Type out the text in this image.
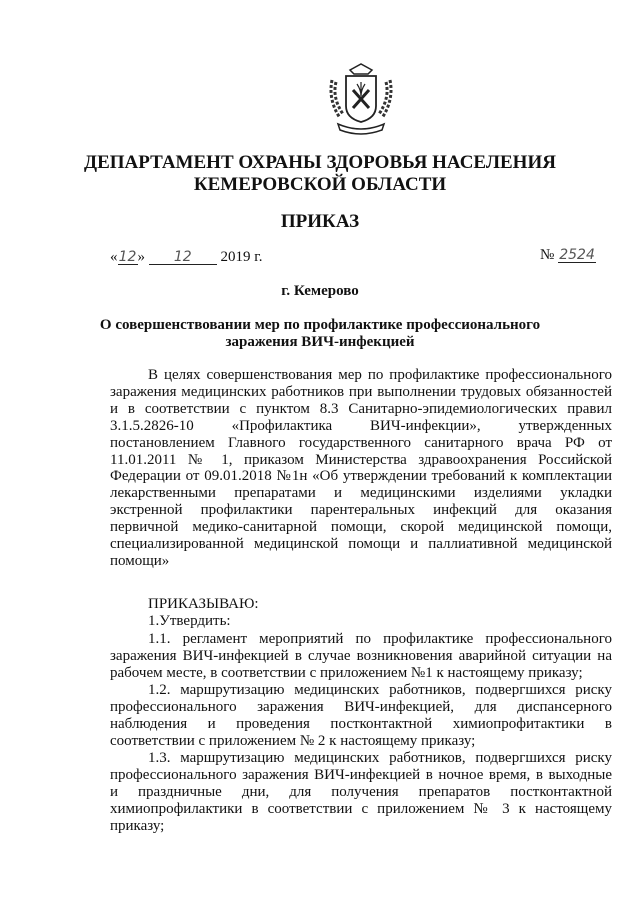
ДЕПАРТАМЕНТ ОХРАНЫ ЗДОРОВЬЯ НАСЕЛЕНИЯ
КЕМЕРОВСКОЙ ОБЛАСТИ
ПРИКАЗ
«12» 12 2019 г.	№ 2524
г. Кемерово
О совершенствовании мер по профилактике профессионального
заражения ВИЧ-инфекцией
В целях совершенствования мер по профилактике профессионального
заражения медицинских работников при выполнении трудовых обязанностей
и в соответствии с пунктом 8.3 Санитарно-эпидемиологических правил
3.1.5.2826-10 «Профилактика ВИЧ-инфекции», утвержденных
постановлением Главного государственного санитарного врача РФ от
11.01.2011 № 1, приказом Министерства здравоохранения Российской
Федерации от 09.01.2018 №1н «Об утверждении требований к комплектации
лекарственными препаратами и медицинскими изделиями укладки
экстренной профилактики парентеральных инфекций для оказания
первичной медико-санитарной помощи, скорой медицинской помощи,
специализированной медицинской помощи и паллиативной медицинской
помощи»
ПРИКАЗЫВАЮ:
1.Утвердить:
1.1. регламент мероприятий по профилактике профессионального
заражения ВИЧ-инфекцией в случае возникновения аварийной ситуации на
рабочем месте, в соответствии с приложением №1 к настоящему приказу;
1.2. маршрутизацию медицинских работников, подвергшихся риску
профессионального заражения ВИЧ-инфекцией, для диспансерного
наблюдения и проведения постконтактной химиопрофитактики в
соответствии с приложением № 2 к настоящему приказу;
1.3. маршрутизацию медицинских работников, подвергшихся риску
профессионального заражения ВИЧ-инфекцией в ночное время, в выходные
и праздничные дни, для получения препаратов постконтактной
химиопрофилактики в соответствии с приложением № 3 к настоящему
приказу;
